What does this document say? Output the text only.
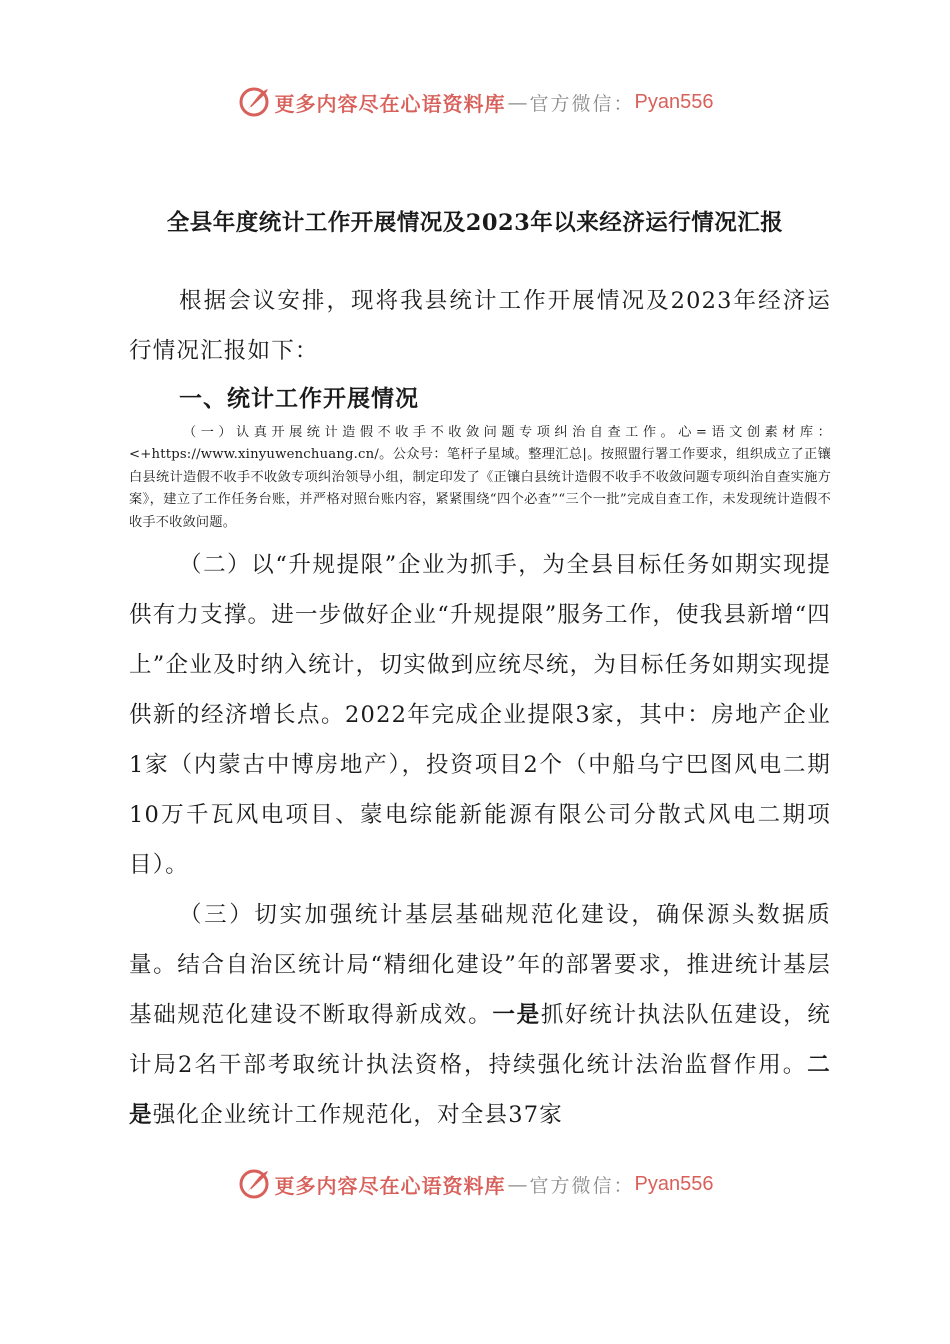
更多内容尽在心语资料库 — 官方微信： Pyan556
全县年度统计工作开展情况及2023年以来经济运行情况汇报

根据会议安排，现将我县统计工作开展情况及2023年经济运行情况汇报如下：

一、统计工作开展情况

（一）认真开展统计造假不收手不收敛问题专项纠治自查工作。心=语文创素材库：<+https://www.xinyuwenchuang.cn/。公众号：笔杆子星域。整理汇总|。按照盟行署工作要求，组织成立了正镶白县统计造假不收手不收敛专项纠治领导小组，制定印发了《正镶白县统计造假不收手不收敛问题专项纠治自查实施方案》，建立了工作任务台账，并严格对照台账内容，紧紧围绕“四个必查”“三个一批”完成自查工作，未发现统计造假不收手不收敛问题。

（二）以“升规提限”企业为抓手，为全县目标任务如期实现提供有力支撑。进一步做好企业“升规提限”服务工作，使我县新增“四上”企业及时纳入统计，切实做到应统尽统，为目标任务如期实现提供新的经济增长点。2022年完成企业提限3家，其中：房地产企业1家（内蒙古中博房地产），投资项目2个（中船乌宁巴图风电二期10万千瓦风电项目、蒙电综能新能源有限公司分散式风电二期项目）。

（三）切实加强统计基层基础规范化建设，确保源头数据质量。结合自治区统计局“精细化建设”年的部署要求，推进统计基层基础规范化建设不断取得新成效。一是抓好统计执法队伍建设，统计局2名干部考取统计执法资格，持续强化统计法治监督作用。二是强化企业统计工作规范化，对全县37家

更多内容尽在心语资料库 — 官方微信： Pyan556
